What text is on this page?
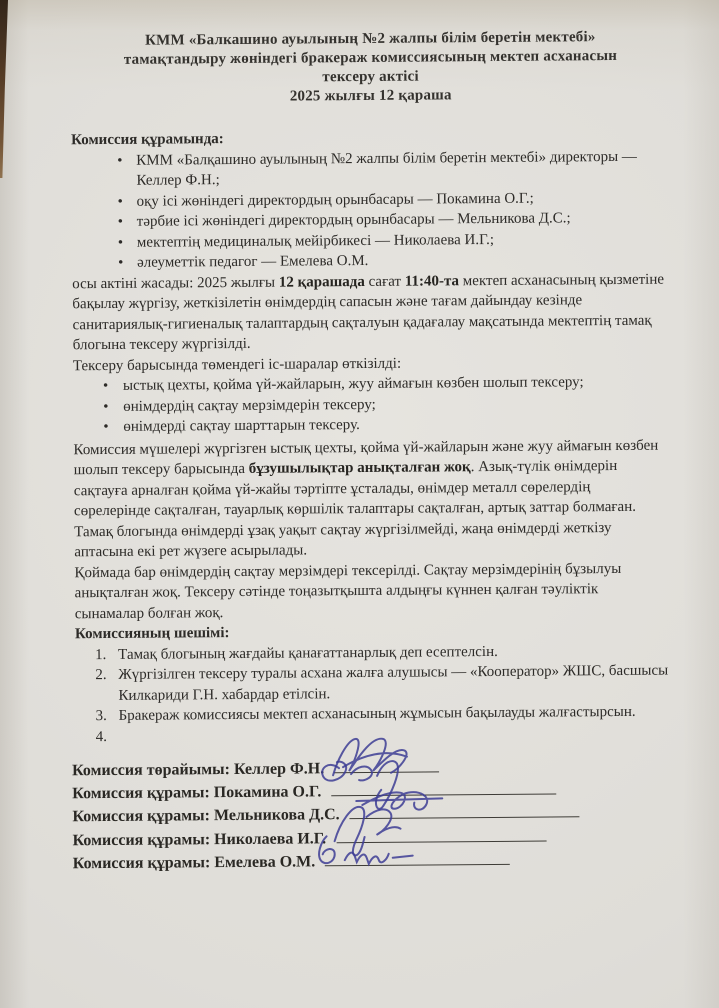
КММ «Балкашино ауылының №2 жалпы білім беретін мектебі»
тамақтандыру жөніндегі бракераж комиссиясының мектеп асханасын
тексеру актісі
2025 жылғы 12 қараша

Комиссия құрамында:

• КММ «Балқашино ауылының №2 жалпы білім беретін мектебі» директоры — Келлер Ф.Н.;
• оқу ісі жөніндегі директордың орынбасары — Покамина О.Г.;
• тәрбие ісі жөніндегі директордың орынбасары — Мельникова Д.С.;
• мектептің медициналық мейірбикесі — Николаева И.Г.;
• әлеуметтік педагог — Емелева О.М.

осы актіні жасады: 2025 жылғы 12 қарашада сағат 11:40-та мектеп асханасының қызметіне бақылау жүргізу, жеткізілетін өнімдердің сапасын және тағам дайындау кезінде санитариялық-гигиеналық талаптардың сақталуын қадағалау мақсатында мектептің тамақ блогына тексеру жүргізілді.

Тексеру барысында төмендегі іс-шаралар өткізілді:

• ыстық цехты, қойма үй-жайларын, жуу аймағын көзбен шолып тексеру;
• өнімдердің сақтау мерзімдерін тексеру;
• өнімдерді сақтау шарттарын тексеру.

Комиссия мүшелері жүргізген ыстық цехты, қойма үй-жайларын және жуу аймағын көзбен шолып тексеру барысында бұзушылықтар анықталған жоқ. Азық-түлік өнімдерін сақтауға арналған қойма үй-жайы тәртіпте ұсталады, өнімдер металл сөрелердің сөрелерінде сақталған, тауарлық көршілік талаптары сақталған, артық заттар болмаған. Тамақ блогында өнімдерді ұзақ уақыт сақтау жүргізілмейді, жаңа өнімдерді жеткізу аптасына екі рет жүзеге асырылады.

Қоймада бар өнімдердің сақтау мерзімдері тексерілді. Сақтау мерзімдерінің бұзылуы анықталған жоқ. Тексеру сәтінде тоңазытқышта алдыңғы күннен қалған тәуліктік сынамалар болған жоқ.

Комиссияның шешімі:

1. Тамақ блогының жағдайы қанағаттанарлық деп есептелсін.
2. Жүргізілген тексеру туралы асхана жалға алушысы — «Кооператор» ЖШС, басшысы Килкариди Г.Н. хабардар етілсін.
3. Бракераж комиссиясы мектеп асханасының жұмысын бақылауды жалғастырсын.
4.
Комиссия төрайымы: Келлер Ф.Н.
Комиссия құрамы: Покамина О.Г.
Комиссия құрамы: Мельникова Д.С.
Комиссия құрамы: Николаева И.Г.
Комиссия құрамы: Емелева О.М.
